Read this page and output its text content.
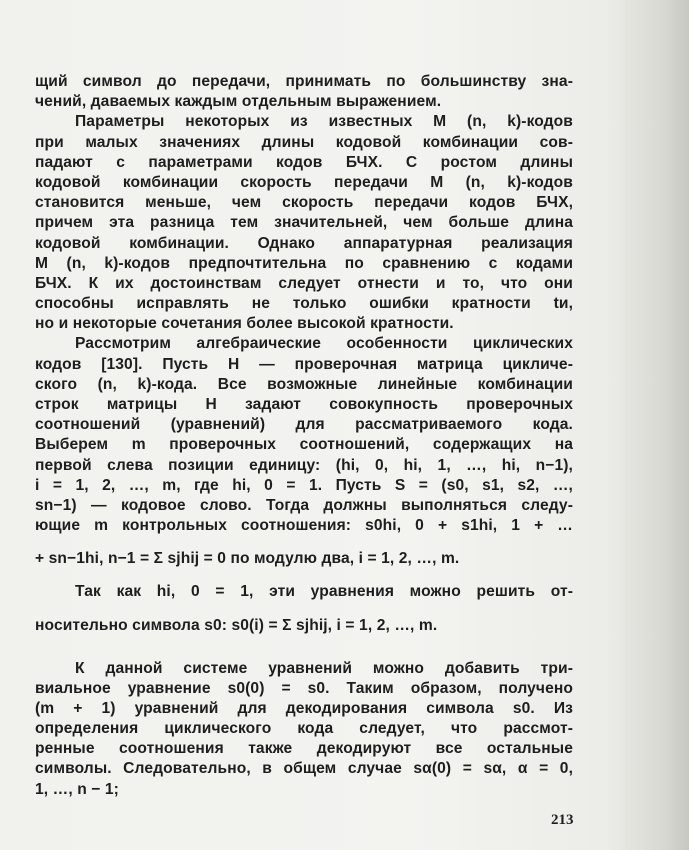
щий символ до передачи, принимать по большинству зна-
чений, даваемых каждым отдельным выражением.
Параметры некоторых из известных M (n, k)-кодов
при малых значениях длины кодовой комбинации сов-
падают с параметрами кодов БЧХ. С ростом длины
кодовой комбинации скорость передачи M (n, k)-кодов
становится меньше, чем скорость передачи кодов БЧХ,
причем эта разница тем значительней, чем больше длина
кодовой комбинации. Однако аппаратурная реализация
M (n, k)-кодов предпочтительна по сравнению с кодами
БЧХ. К их достоинствам следует отнести и то, что они
способны исправлять не только ошибки кратности tи,
но и некоторые сочетания более высокой кратности.
Рассмотрим алгебраические особенности циклических
кодов [130]. Пусть H — проверочная матрица цикличе-
ского (n, k)-кода. Все возможные линейные комбинации
строк матрицы H задают совокупность проверочных
соотношений (уравнений) для рассматриваемого кода.
Выберем m проверочных соотношений, содержащих на
первой слева позиции единицу: (hi, 0, hi, 1, …, hi, n−1),
i = 1, 2, …, m, где hi, 0 = 1. Пусть S = (s0, s1, s2, …,
sn−1) — кодовое слово. Тогда должны выполняться следу-
ющие m контрольных соотношения: s0hi, 0 + s1hi, 1 + …
+ sn−1hi, n−1 = Σ sjhij = 0 по модулю два, i = 1, 2, …, m.
Так как hi, 0 = 1, эти уравнения можно решить от-
носительно символа s0: s0(i) = Σ sjhij, i = 1, 2, …, m.
К данной системе уравнений можно добавить три-
виальное уравнение s0(0) = s0. Таким образом, получено
(m + 1) уравнений для декодирования символа s0. Из
определения циклического кода следует, что рассмот-
ренные соотношения также декодируют все остальные
символы. Следовательно, в общем случае sα(0) = sα, α = 0,
1, …, n − 1;
213
